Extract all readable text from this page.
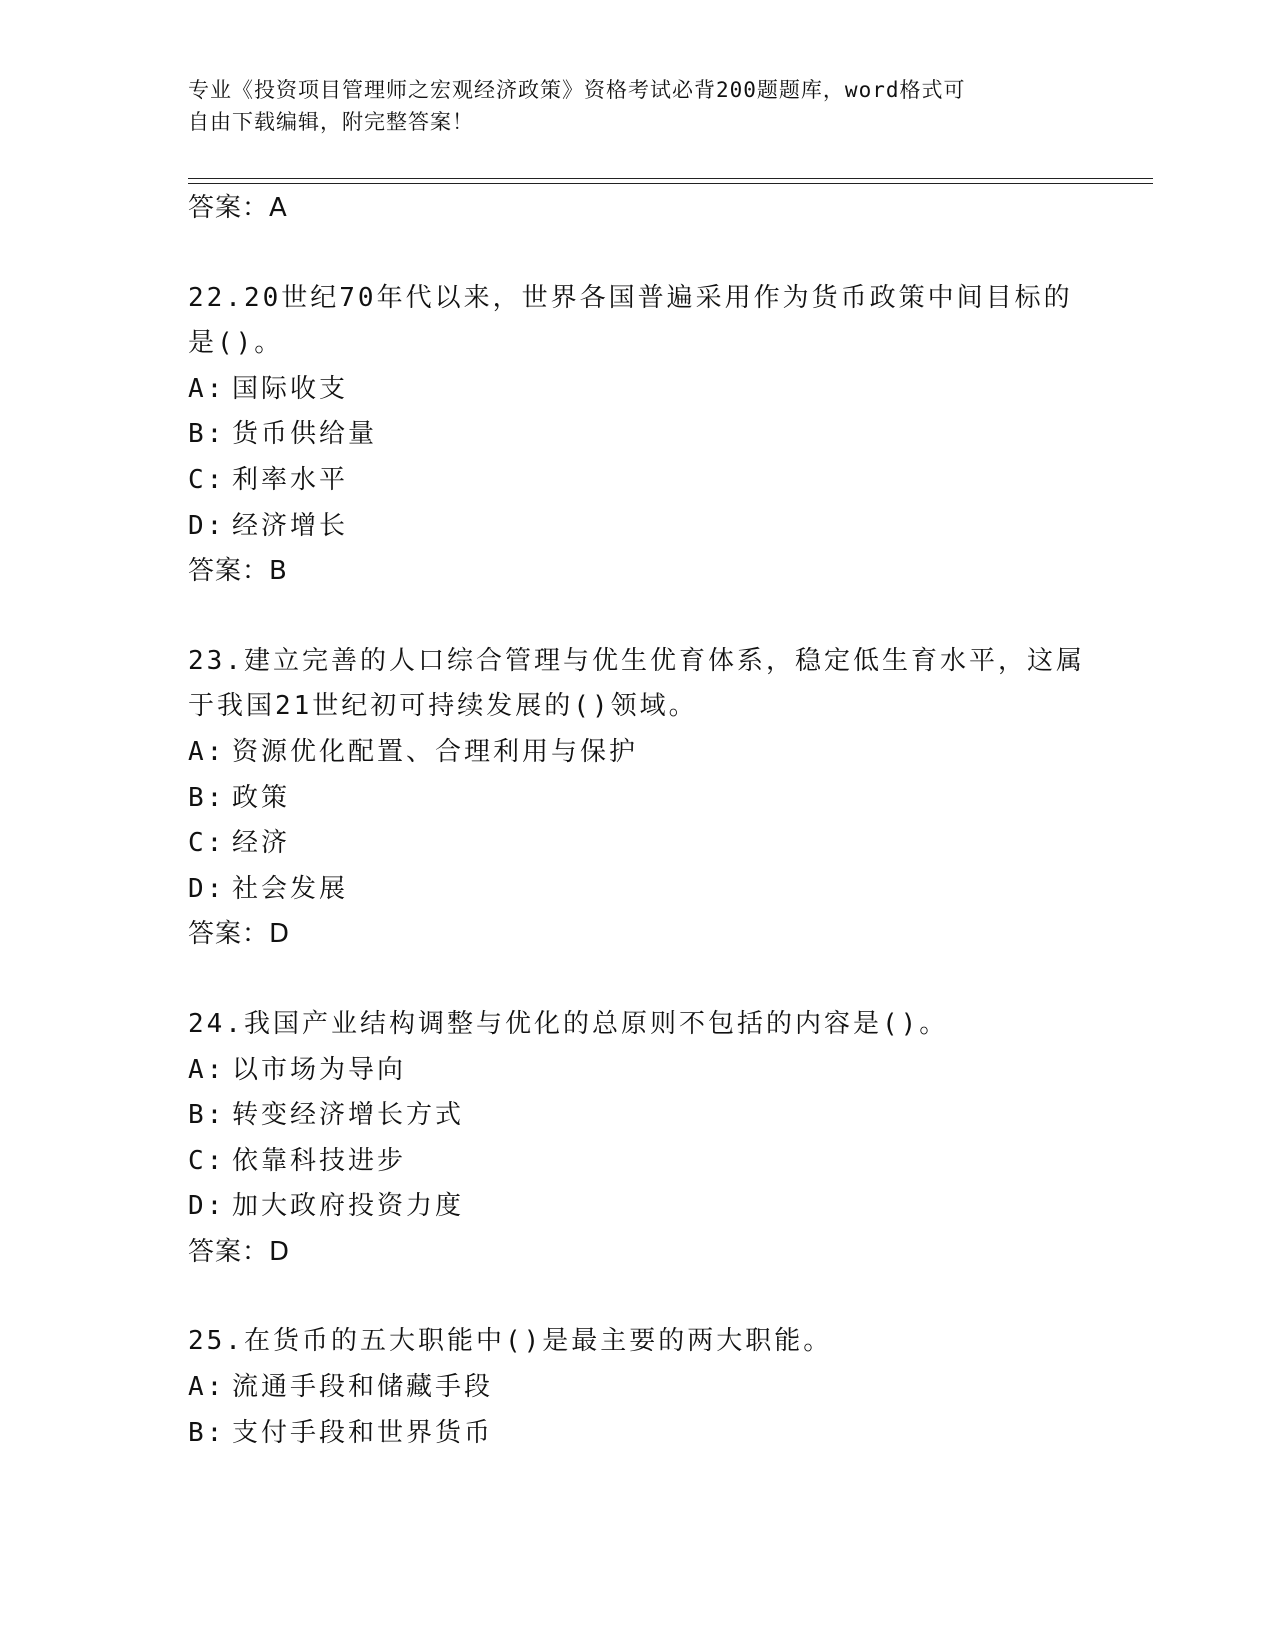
专业《投资项目管理师之宏观经济政策》资格考试必背200题题库，word格式可
自由下载编辑，附完整答案！
答案：A
22.20世纪70年代以来，世界各国普遍采用作为货币政策中间目标的
是()。
A: 国际收支
B: 货币供给量
C: 利率水平
D: 经济增长
答案：B
23.建立完善的人口综合管理与优生优育体系，稳定低生育水平，这属
于我国21世纪初可持续发展的()领域。
A: 资源优化配置、合理利用与保护
B: 政策
C: 经济
D: 社会发展
答案：D
24.我国产业结构调整与优化的总原则不包括的内容是()。
A: 以市场为导向
B: 转变经济增长方式
C: 依靠科技进步
D: 加大政府投资力度
答案：D
25.在货币的五大职能中()是最主要的两大职能。
A: 流通手段和储藏手段
B: 支付手段和世界货币
